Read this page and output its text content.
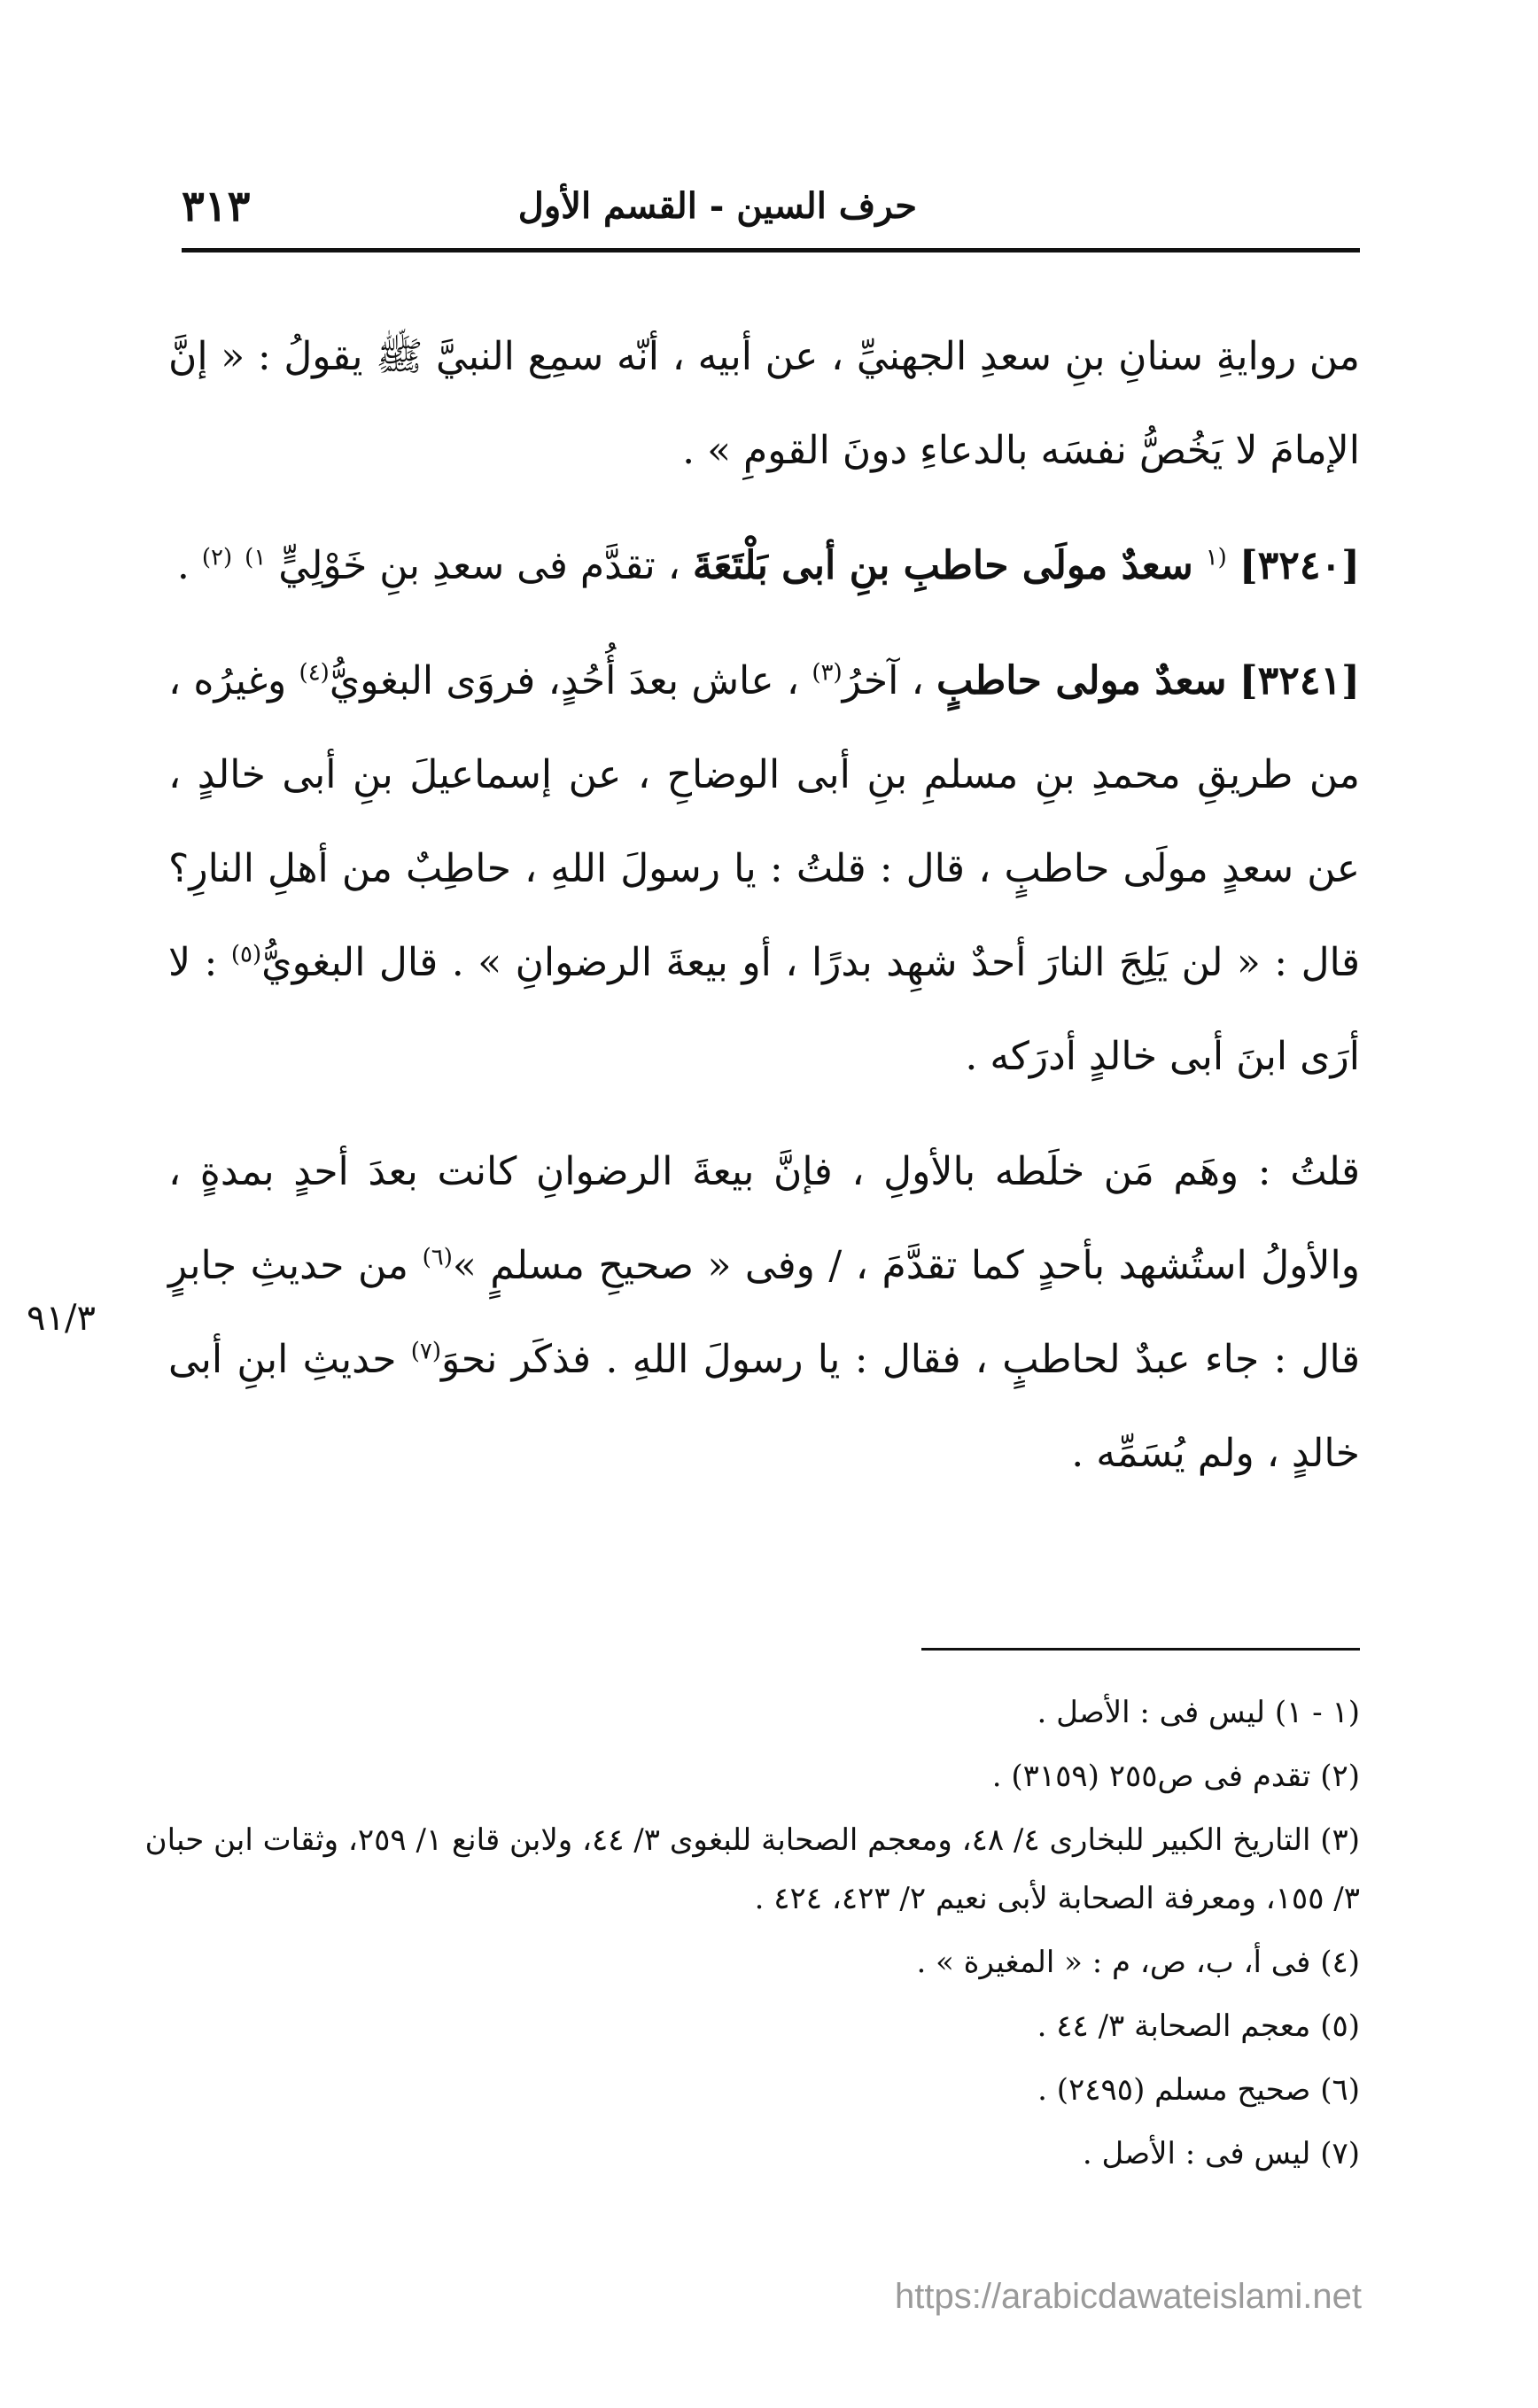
٣١٣	حرف السين - القسم الأول

من روايةِ سنانِ بنِ سعدِ الجهنيِّ ، عن أبيه ، أنّه سمِع النبيَّ ﷺ يقولُ : « إنَّ الإمامَ لا يَخُصُّ نفسَه بالدعاءِ دونَ القومِ » .

[٣٢٤٠] $^{(١}$ سعدٌ مولَى حاطبِ بنِ أبى بَلْتَعَةَ ، تقدَّم فى سعدِ بنِ خَوْلِيٍّ $^{١)}$ $^{(٢)}$ .

[٣٢٤١] سعدٌ مولى حاطبٍ ، آخرُ$^{(٣)}$ ، عاش بعدَ أُحُدٍ، فروَى البغويُّ$^{(٤)}$ وغيرُه ، من طريقِ محمدِ بنِ مسلمِ بنِ أبى الوضاحِ ، عن إسماعيلَ بنِ أبى خالدٍ ، عن سعدٍ مولَى حاطبٍ ، قال : قلتُ : يا رسولَ اللهِ ، حاطِبٌ من أهلِ النارِ؟ قال : « لن يَلِجَ النارَ أحدٌ شهِد بدرًا ، أو بيعةَ الرضوانِ » . قال البغويُّ$^{(٥)}$ : لا أرَى ابنَ أبى خالدٍ أدرَكه .

قلتُ : وهَم مَن خلَطه بالأولِ ، فإنَّ بيعةَ الرضوانِ كانت بعدَ أحدٍ بمدةٍ ، والأولُ استُشهد بأحدٍ كما تقدَّمَ ، / وفى « صحيحِ مسلمٍ »$^{(٦)}$ من حديثِ جابرٍ قال : جاء عبدٌ لحاطبٍ ، فقال : يا رسولَ اللهِ . فذكَر نحوَ$^{(٧)}$ حديثِ ابنِ أبى خالدٍ ، ولم يُسَمِّه .

٩١/٣
(١ - ١) ليس فى : الأصل .
(٢) تقدم فى ص٢٥٥ (٣١٥٩) .
(٣) التاريخ الكبير للبخارى ٤/ ٤٨، ومعجم الصحابة للبغوى ٣/ ٤٤، ولابن قانع ١/ ٢٥٩، وثقات ابن حبان ٣/ ١٥٥، ومعرفة الصحابة لأبى نعيم ٢/ ٤٢٣، ٤٢٤ .
(٤) فى أ، ب، ص، م : « المغيرة » .
(٥) معجم الصحابة ٣/ ٤٤ .
(٦) صحيح مسلم (٢٤٩٥) .
(٧) ليس فى : الأصل .
https://arabicdawateislami.net
